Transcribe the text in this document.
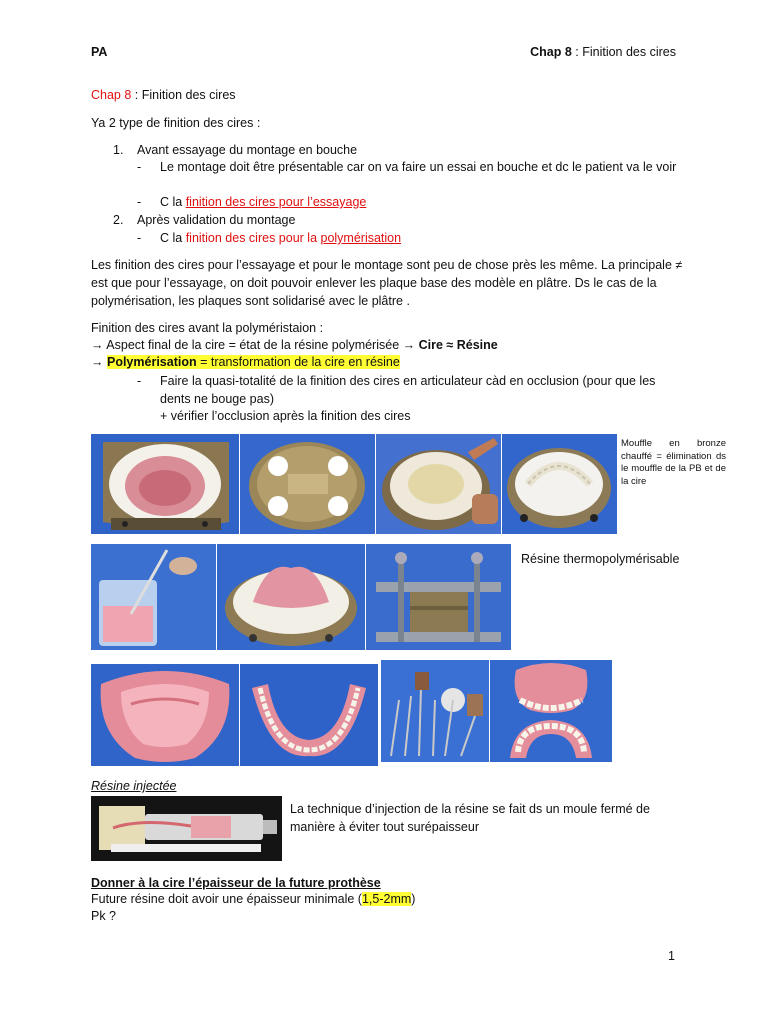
PA	Chap 8 : Finition des cires
Chap 8 : Finition des cires
Ya 2 type de finition des cires :
1. Avant essayage du montage en bouche
- Le montage doit être présentable car on va faire un essai en bouche et dc le patient va le voir
- C la finition des cires pour l’essayage
2. Après validation du montage
- C la finition des cires pour la polymérisation
Les finition des cires pour l’essayage et pour le montage sont peu de chose près les même. La principale ≠ est que pour l’essayage, on doit pouvoir enlever les plaque base des modèle en plâtre. Ds le cas de la polymérisation, les plaques sont solidarisé avec le plâtre .
Finition des cires avant la polyméristaion :
→ Aspect final de la cire = état de la résine polymérisée → Cire ≈ Résine
→ Polymérisation = transformation de la cire en résine
- Faire la quasi-totalité de la finition des cires en articulateur càd en occlusion (pour que les dents ne bouge pas)
+ vérifier l’occlusion après la finition des cires
Mouffle en bronze chauffé = élimination ds le mouffle de la PB et de la cire
Résine thermopolymérisable
Résine injectée
La technique d’injection de la résine se fait ds un moule fermé de manière à éviter tout surépaisseur
Donner à la cire l’épaisseur de la future prothèse
Future résine doit avoir une épaisseur minimale (1,5-2mm)
Pk ?
1
